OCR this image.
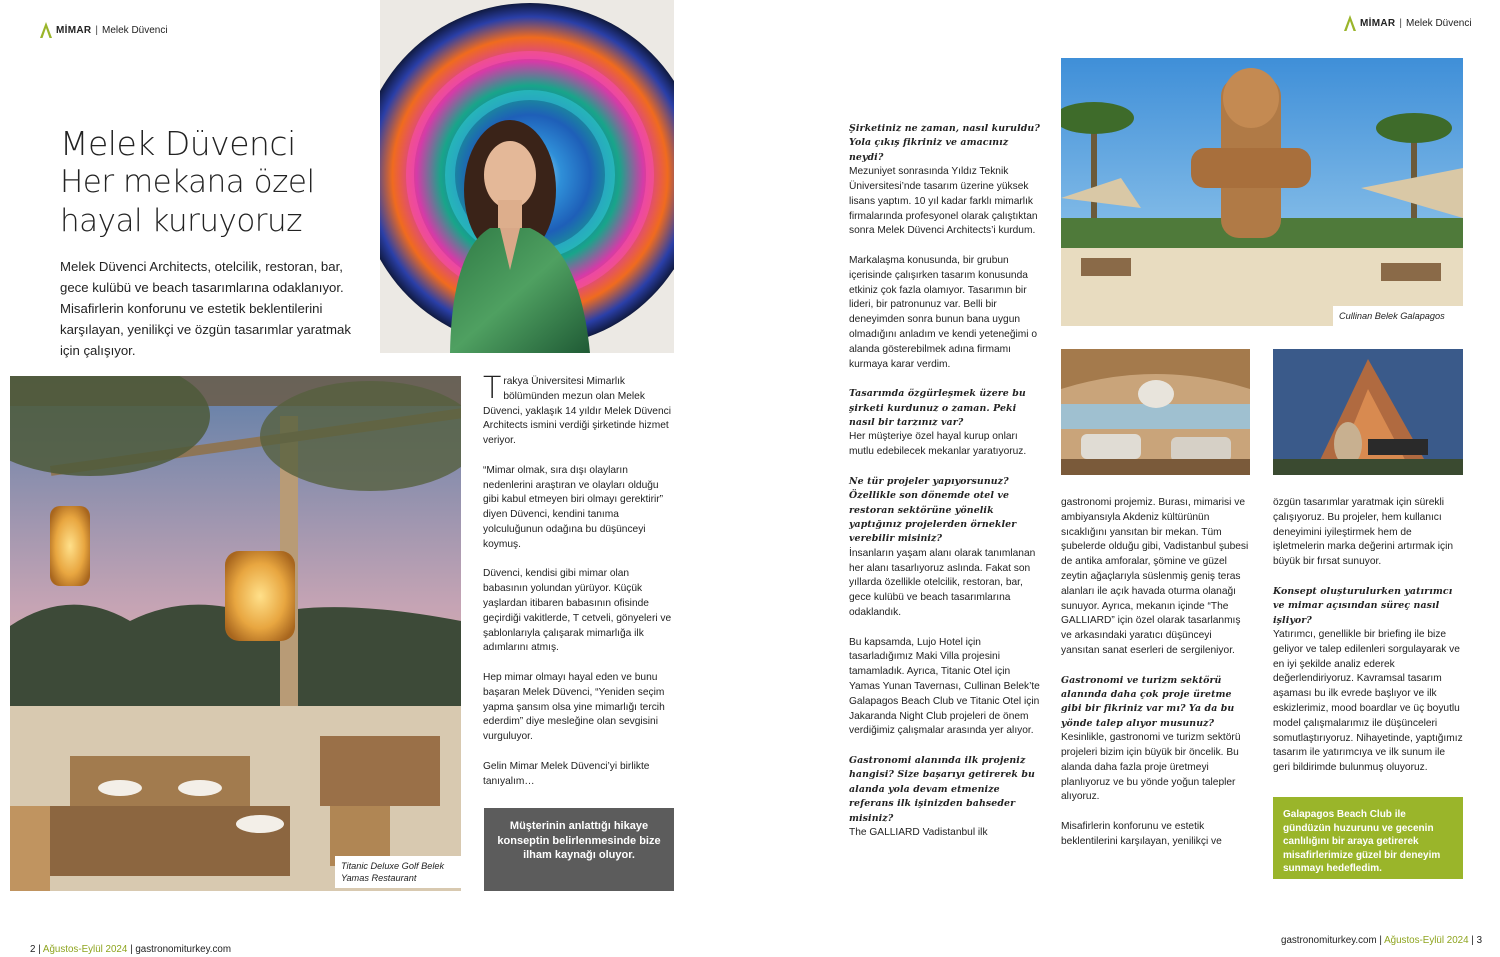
MİMAR | Melek Düvenci
Melek Düvenci
Her mekana özel
hayal kuruyoruz
Melek Düvenci Architects, otelcilik, restoran, bar, gece kulübü ve beach tasarımlarına odaklanıyor. Misafirlerin konforunu ve estetik beklentilerini karşılayan, yenilikçi ve özgün tasarımlar yaratmak için çalışıyor.
Titanic Deluxe Golf Belek
Yamas Restaurant

Trakya Üniversitesi Mimarlık bölümünden mezun olan Melek Düvenci, yaklaşık 14 yıldır Melek Düvenci Architects ismini verdiği şirketinde hizmet veriyor.

“Mimar olmak, sıra dışı olayların nedenlerini araştıran ve olayları olduğu gibi kabul etmeyen biri olmayı gerektirir” diyen Düvenci, kendini tanıma yolculuğunun odağına bu düşünceyi koymuş.

Düvenci, kendisi gibi mimar olan babasının yolundan yürüyor. Küçük yaşlardan itibaren babasının ofisinde geçirdiği vakitlerde, T cetveli, gönyeleri ve şablonlarıyla çalışarak mimarlığa ilk adımlarını atmış.

Hep mimar olmayı hayal eden ve bunu başaran Melek Düvenci, “Yeniden seçim yapma şansım olsa yine mimarlığı tercih ederdim” diye mesleğine olan sevgisini vurguluyor.

Gelin Mimar Melek Düvenci’yi birlikte tanıyalım…

Müşterinin anlattığı hikaye konseptin belirlenmesinde bize ilham kaynağı oluyor.
2 | Ağustos-Eylül 2024 | gastronomiturkey.com
MİMAR | Melek Düvenci

Şirketiniz ne zaman, nasıl kuruldu? Yola çıkış fikriniz ve amacınız neydi?

Mezuniyet sonrasında Yıldız Teknik Üniversitesi’nde tasarım üzerine yüksek lisans yaptım. 10 yıl kadar farklı mimarlık firmalarında profesyonel olarak çalıştıktan sonra Melek Düvenci Architects’i kurdum.

Markalaşma konusunda, bir grubun içerisinde çalışırken tasarım konusunda etkiniz çok fazla olamıyor. Tasarımın bir lideri, bir patronunuz var. Belli bir deneyimden sonra bunun bana uygun olmadığını anladım ve kendi yeteneğimi o alanda gösterebilmek adına firmamı kurmaya karar verdim.

Tasarımda özgürleşmek üzere bu şirketi kurdunuz o zaman. Peki nasıl bir tarzınız var?

Her müşteriye özel hayal kurup onları mutlu edebilecek mekanlar yaratıyoruz.

Ne tür projeler yapıyorsunuz? Özellikle son dönemde otel ve restoran sektörüne yönelik yaptığınız projelerden örnekler verebilir misiniz?

İnsanların yaşam alanı olarak tanımlanan her alanı tasarlıyoruz aslında. Fakat son yıllarda özellikle otelcilik, restoran, bar, gece kulübü ve beach tasarımlarına odaklandık.

Bu kapsamda, Lujo Hotel için tasarladığımız Maki Villa projesini tamamladık. Ayrıca, Titanic Otel için Yamas Yunan Tavernası, Cullinan Belek’te Galapagos Beach Club ve Titanic Otel için Jakaranda Night Club projeleri de önem verdiğimiz çalışmalar arasında yer alıyor.

Gastronomi alanında ilk projeniz hangisi? Size başarıyı getirerek bu alanda yola devam etmenize referans ilk işinizden bahseder misiniz?

The GALLIARD Vadistanbul ilk

Cullinan Belek Galapagos

gastronomi projemiz. Burası, mimarisi ve ambiyansıyla Akdeniz kültürünün sıcaklığını yansıtan bir mekan. Tüm şubelerde olduğu gibi, Vadistanbul şubesi de antika amforalar, şömine ve güzel zeytin ağaçlarıyla süslenmiş geniş teras alanları ile açık havada oturma olanağı sunuyor. Ayrıca, mekanın içinde “The GALLIARD” için özel olarak tasarlanmış ve arkasındaki yaratıcı düşünceyi yansıtan sanat eserleri de sergileniyor.

Gastronomi ve turizm sektörü alanında daha çok proje üretme gibi bir fikriniz var mı? Ya da bu yönde talep alıyor musunuz?

Kesinlikle, gastronomi ve turizm sektörü projeleri bizim için büyük bir öncelik. Bu alanda daha fazla proje üretmeyi planlıyoruz ve bu yönde yoğun talepler alıyoruz.

Misafirlerin konforunu ve estetik beklentilerini karşılayan, yenilikçi ve

özgün tasarımlar yaratmak için sürekli çalışıyoruz. Bu projeler, hem kullanıcı deneyimini iyileştirmek hem de işletmelerin marka değerini artırmak için büyük bir fırsat sunuyor.

Konsept oluşturulurken yatırımcı ve mimar açısından süreç nasıl işliyor?

Yatırımcı, genellikle bir briefing ile bize geliyor ve talep edilenleri sorgulayarak ve en iyi şekilde analiz ederek değerlendiriyoruz. Kavramsal tasarım aşaması bu ilk evrede başlıyor ve ilk eskizlerimiz, mood boardlar ve üç boyutlu model çalışmalarımız ile düşünceleri somutlaştırıyoruz. Nihayetinde, yaptığımız tasarım ile yatırımcıya ve ilk sunum ile geri bildirimde bulunmuş oluyoruz.

Galapagos Beach Club ile gündüzün huzurunu ve gecenin canlılığını bir araya getirerek misafirlerimize güzel bir deneyim sunmayı hedefledim.
gastronomiturkey.com | Ağustos-Eylül 2024 | 3
